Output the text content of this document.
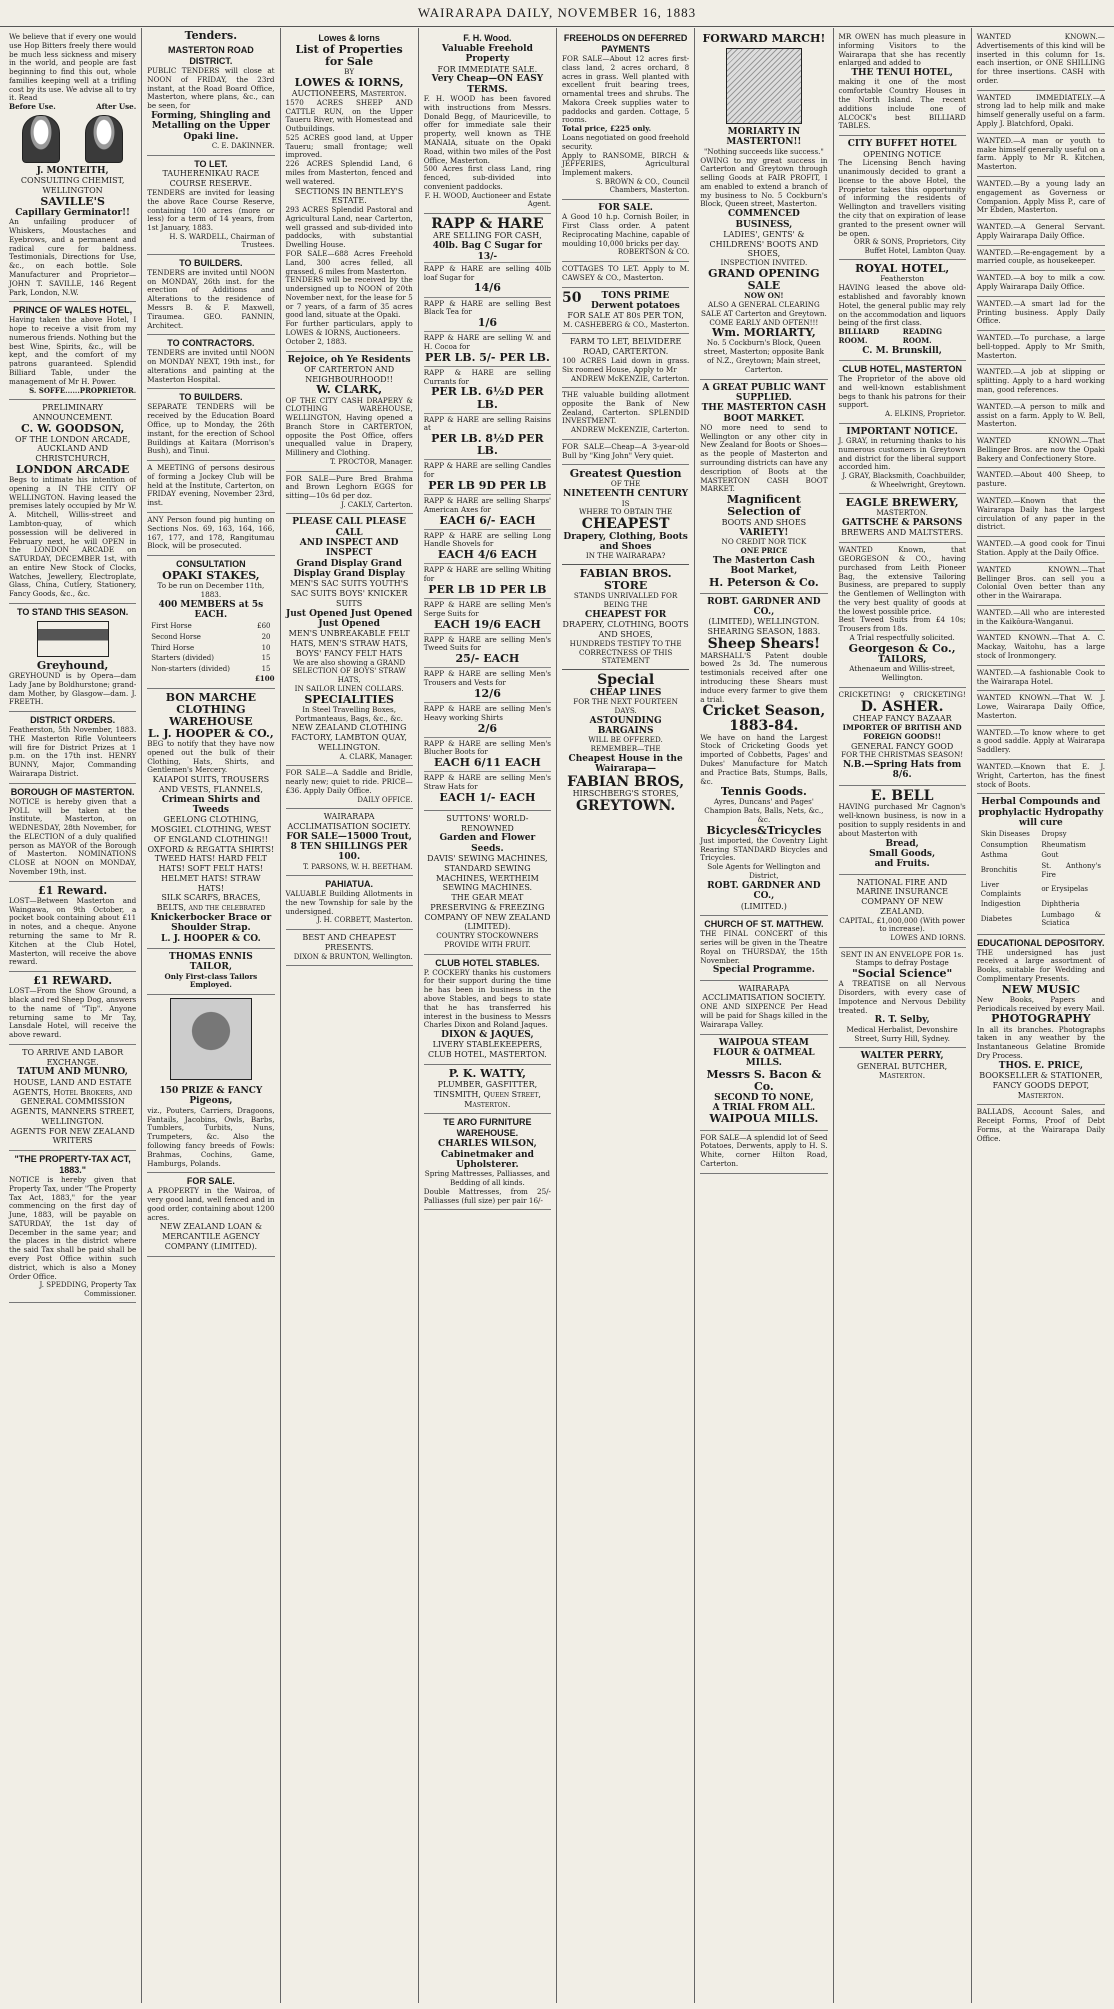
WAIRARAPA DAILY, NOVEMBER 16, 1883
We believe that if every one would use Hop Bitters freely there would be much less sickness and misery in the world, and people are fast beginning to find this out, whole families keeping well at a trifling cost by its use. We advise all to try it. Read
Before Use.	After Use.
J. MONTEITH,
CONSULTING CHEMIST, WELLINGTON
SAVILLE'S
Capillary Germinator!!
An unfailing producer of Whiskers, Moustaches and Eyebrows, and a permanent and radical cure for baldness. Testimonials, Directions for Use, &c., on each bottle. Sole Manufacturer and Proprietor— JOHN T. SAVILLE, 146 Regent Park, London, N.W.
PRINCE OF WALES HOTEL,
Having taken the above Hotel, I hope to receive a visit from my numerous friends. Nothing but the best Wine, Spirits, &c., will be kept, and the comfort of my patrons guaranteed. Splendid Billiard Table, under the management of Mr H. Power.
S. SOFFE......PROPRIETOR.
PRELIMINARY ANNOUNCEMENT.
C. W. GOODSON,
OF THE LONDON ARCADE, AUCKLAND AND CHRISTCHURCH,
LONDON ARCADE
Begs to intimate his intention of opening a IN THE CITY OF WELLINGTON. Having leased the premises lately occupied by Mr W. A. Mitchell, Willis-street and Lambton-quay, of which possession will be delivered in February next, he will OPEN in the LONDON ARCADE on SATURDAY, DECEMBER 1st, with an entire New Stock of Clocks, Watches, Jewellery, Electroplate, Glass, China, Cutlery, Stationery, Fancy Goods, &c., &c.
TO STAND THIS SEASON.
Greyhound,
GREYHOUND is by Opera—dam Lady Jane by Boldhurstone; grand-dam Mother, by Glasgow—dam. J. FREETH.
DISTRICT ORDERS.
Featherston, 5th November, 1883. THE Masterton Rifle Volunteers will fire for District Prizes at 1 p.m. on the 17th inst. HENRY BUNNY, Major, Commanding Wairarapa District.
BOROUGH OF MASTERTON.
NOTICE is hereby given that a POLL will be taken at the Institute, Masterton, on WEDNESDAY, 28th November, for the ELECTION of a duly qualified person as MAYOR of the Borough of Masterton. NOMINATIONS CLOSE at NOON on MONDAY, November 19th, inst.
£1 Reward.
LOST—Between Masterton and Waingawa, on 9th October, a pocket book containing about £11 in notes, and a cheque. Anyone returning the same to Mr R. Kitchen at the Club Hotel, Masterton, will receive the above reward.
£1 REWARD.
LOST—From the Show Ground, a black and red Sheep Dog, answers to the name of "Tip". Anyone returning same to Mr Tay, Lansdale Hotel, will receive the above reward.
TO ARRIVE AND LABOR EXCHANGE.
TATUM AND MUNRO,
HOUSE, LAND AND ESTATE AGENTS, Hotel Brokers, and GENERAL COMMISSION AGENTS, MANNERS STREET, WELLINGTON.
AGENTS FOR NEW ZEALAND WRITERS
"THE PROPERTY-TAX ACT, 1883."
NOTICE is hereby given that Property Tax, under "The Property Tax Act, 1883," for the year commencing on the first day of June, 1883, will be payable on SATURDAY, the 1st day of December in the same year; and the places in the district where the said Tax shall be paid shall be every Post Office within such district, which is also a Money Order Office.
J. SPEDDING, Property Tax Commissioner.
Tenders.
MASTERTON ROAD DISTRICT.
PUBLIC TENDERS will close at NOON of FRIDAY, the 23rd instant, at the Road Board Office, Masterton, where plans, &c., can be seen, for
Forming, Shingling and Metalling on the Upper Opaki line.
C. E. DAKINNER.
TO LET.
TAUHERENIKAU RACE COURSE RESERVE.
TENDERS are invited for leasing the above Race Course Reserve, containing 100 acres (more or less) for a term of 14 years, from 1st January, 1883.
H. S. WARDELL, Chairman of Trustees.
TO BUILDERS.
TENDERS are invited until NOON on MONDAY, 26th inst. for the erection of Additions and Alterations to the residence of Messrs B. & F. Maxwell, Tiraumea. GEO. FANNIN, Architect.
TO CONTRACTORS.
TENDERS are invited until NOON on MONDAY NEXT, 19th inst., for alterations and painting at the Masterton Hospital.
TO BUILDERS.
SEPARATE TENDERS will be received by the Education Board Office, up to Monday, the 26th instant, for the erection of School Buildings at Kaitara (Morrison's Bush), and Tinui.
A MEETING of persons desirous of forming a Jockey Club will be held at the Institute, Carterton, on FRIDAY evening, November 23rd, inst.
ANY Person found pig hunting on Sections Nos. 69, 163, 164, 166, 167, 177, and 178, Rangitumau Block, will be prosecuted.
CONSULTATION
OPAKI STAKES,
To be run on December 11th, 1883.
400 MEMBERS at 5s EACH.
First Horse	£60
Second Horse	20
Third Horse	10
Starters (divided)	15
Non-starters (divided)	15
£100
BON MARCHE CLOTHING WAREHOUSE
L. J. HOOPER & CO.,
BEG to notify that they have now opened out the bulk of their Clothing, Hats, Shirts, and Gentlemen's Mercery.
KAIAPOI SUITS, TROUSERS AND VESTS, FLANNELS,
Crimean Shirts and Tweeds
GEELONG CLOTHING, MOSGIEL CLOTHING, WEST OF ENGLAND CLOTHING!!
OXFORD & REGATTA SHIRTS!
TWEED HATS! HARD FELT HATS! SOFT FELT HATS! HELMET HATS! STRAW HATS!
SILK SCARFS, BRACES, BELTS, and the celebrated
Knickerbocker Brace or Shoulder Strap.
L. J. HOOPER & CO.
THOMAS ENNIS
TAILOR,
Only First-class Tailors Employed.
150 PRIZE & FANCY Pigeons,
viz., Pouters, Carriers, Dragoons, Fantails, Jacobins, Owls, Barbs, Tumblers, Turbits, Nuns, Trumpeters, &c. Also the following fancy breeds of Fowls: Brahmas, Cochins, Game, Hamburgs, Polands.
FOR SALE.
A PROPERTY in the Wairoa, of very good land, well fenced and in good order, containing about 1200 acres.
NEW ZEALAND LOAN & MERCANTILE AGENCY COMPANY (LIMITED).
Lowes & Iorns
List of Properties for Sale
BY
LOWES & IORNS,
AUCTIONEERS, Masterton.
1570 ACRES SHEEP AND CATTLE RUN, on the Upper Taueru River, with Homestead and Outbuildings.
525 ACRES good land, at Upper Taueru; small frontage; well improved.
226 ACRES Splendid Land, 6 miles from Masterton, fenced and well watered.
SECTIONS IN BENTLEY'S ESTATE.
293 ACRES Splendid Pastoral and Agricultural Land, near Carterton, well grassed and sub-divided into paddocks, with substantial Dwelling House.
FOR SALE—688 Acres Freehold Land, 300 acres felled, all grassed, 6 miles from Masterton.
TENDERS will be received by the undersigned up to NOON of 20th November next, for the lease for 5 or 7 years, of a farm of 35 acres good land, situate at the Opaki.
For further particulars, apply to LOWES & IORNS, Auctioneers.
October 2, 1883.
Rejoice, oh Ye Residents
OF CARTERTON AND NEIGHBOURHOOD!!
W. CLARK,
OF THE CITY CASH DRAPERY & CLOTHING WAREHOUSE, WELLINGTON, Having opened a Branch Store in CARTERTON, opposite the Post Office, offers unequalled value in Drapery, Millinery and Clothing.
T. PROCTOR, Manager.
FOR SALE—Pure Bred Brahma and Brown Leghorn EGGS for sitting—10s 6d per doz.
J. CAKLY, Carterton.
PLEASE CALL PLEASE CALL
AND INSPECT AND INSPECT
Grand Display Grand Display Grand Display
MEN'S SAC SUITS YOUTH'S SAC SUITS BOYS' KNICKER SUITS
Just Opened Just Opened Just Opened
MEN'S UNBREAKABLE FELT HATS, MEN'S STRAW HATS, BOYS' FANCY FELT HATS
We are also showing a GRAND SELECTION OF BOYS' STRAW HATS,
IN SAILOR LINEN COLLARS.
SPECIALITIES
In Steel Travelling Boxes, Portmanteaus, Bags, &c., &c.
NEW ZEALAND CLOTHING FACTORY, LAMBTON QUAY, WELLINGTON.
A. CLARK, Manager.
FOR SALE—A Saddle and Bridle, nearly new; quiet to ride. PRICE—£36. Apply Daily Office.
DAILY OFFICE.
WAIRARAPA ACCLIMATISATION SOCIETY.
FOR SALE—15000 Trout, 8 TEN SHILLINGS PER 100.
T. PARSONS, W. H. BEETHAM.
PAHIATUA.
VALUABLE Building Allotments in the new Township for sale by the undersigned.
J. H. CORBETT, Masterton.
BEST AND CHEAPEST PRESENTS.
DIXON & BRUNTON, Wellington.
F. H. Wood.
Valuable Freehold Property
FOR IMMEDIATE SALE.
Very Cheap—ON EASY TERMS.
F. H. WOOD has been favored with instructions from Messrs. Donald Begg, of Mauriceville, to offer for immediate sale their property, well known as THE MANAIA, situate on the Opaki Road, within two miles of the Post Office, Masterton.
500 Acres first class Land, ring fenced, sub-divided into convenient paddocks.
F. H. WOOD, Auctioneer and Estate Agent.
RAPP & HARE
ARE SELLING FOR CASH,
40lb. Bag C Sugar for 13/-
RAPP & HARE are selling 40lb loaf Sugar for
14/6
RAPP & HARE are selling Best Black Tea for
1/6
RAPP & HARE are selling W. and H. Cocoa for
PER LB. 5/- PER LB.
RAPP & HARE are selling Currants for
PER LB. 6½D PER LB.
RAPP & HARE are selling Raisins at
PER LB. 8½D PER LB.
RAPP & HARE are selling Candles for
PER LB 9D PER LB
RAPP & HARE are selling Sharps' American Axes for
EACH 6/- EACH
RAPP & HARE are selling Long Handle Shovels for
EACH 4/6 EACH
RAPP & HARE are selling Whiting for
PER LB 1D PER LB
RAPP & HARE are selling Men's Serge Suits for
EACH 19/6 EACH
RAPP & HARE are selling Men's Tweed Suits for
25/- EACH
RAPP & HARE are selling Men's Trousers and Vests for
12/6
RAPP & HARE are selling Men's Heavy working Shirts
2/6
RAPP & HARE are selling Men's Blucher Boots for
EACH 6/11 EACH
RAPP & HARE are selling Men's Straw Hats for
EACH 1/- EACH
SUTTONS' WORLD-RENOWNED
Garden and Flower Seeds.
DAVIS' SEWING MACHINES, STANDARD SEWING MACHINES, WERTHEIM SEWING MACHINES.
THE GEAR MEAT PRESERVING & FREEZING COMPANY OF NEW ZEALAND (LIMITED).
COUNTRY STOCKOWNERS PROVIDE WITH FRUIT.
CLUB HOTEL STABLES.
P. COCKERY thanks his customers for their support during the time he has been in business in the above Stables, and begs to state that he has transferred his interest in the business to Messrs Charles Dixon and Roland Jaques.
DIXON & JAQUES,
LIVERY STABLEKEEPERS, CLUB HOTEL, MASTERTON.
P. K. WATTY,
PLUMBER, GASFITTER, TINSMITH, Queen Street, Masterton.
TE ARO FURNITURE WAREHOUSE.
CHARLES WILSON, Cabinetmaker and Upholsterer.
Spring Mattresses, Palliasses, and Bedding of all kinds.
Double Mattresses, from 25/- Palliasses (full size) per pair 16/-
FREEHOLDS ON DEFERRED PAYMENTS
FOR SALE—About 12 acres first-class land, 2 acres orchard, 8 acres in grass. Well planted with excellent fruit bearing trees, ornamental trees and shrubs. The Makora Creek supplies water to paddocks and garden. Cottage, 5 rooms.
Total price, £225 only.
Loans negotiated on good freehold security.
Apply to RANSOME, BIRCH & JEFFERIES, Agricultural Implement makers.
S. BROWN & CO., Council Chambers, Masterton.
FOR SALE.
A Good 10 h.p. Cornish Boiler, in First Class order. A patent Reciprocating Machine, capable of moulding 10,000 bricks per day.
ROBERTSON & CO.
COTTAGES TO LET. Apply to M. CAWSEY & CO., Masterton.
50	TONS PRIME Derwent potatoes
FOR SALE AT 80s PER TON,
M. CASHEBERG & CO., Masterton.
FARM TO LET, BELVIDERE ROAD, CARTERTON.
100 ACRES Laid down in grass. Six roomed House, Apply to Mr
ANDREW McKENZIE, Carterton.
THE valuable building allotment opposite the Bank of New Zealand, Carterton. SPLENDID INVESTMENT.
ANDREW McKENZIE, Carterton.
FOR SALE—Cheap—A 3-year-old Bull by "King John" Very quiet.
Greatest Question
OF THE
NINETEENTH CENTURY
IS
WHERE TO OBTAIN THE
CHEAPEST
Drapery, Clothing, Boots and Shoes
IN THE WAIRARAPA?
FABIAN BROS. STORE
STANDS UNRIVALLED FOR BEING THE
CHEAPEST FOR
DRAPERY, CLOTHING, BOOTS AND SHOES,
HUNDREDS TESTIFY TO THE CORRECTNESS OF THIS STATEMENT
Special
CHEAP LINES
FOR THE NEXT FOURTEEN DAYS.
ASTOUNDING BARGAINS
WILL BE OFFERED.
REMEMBER—THE
Cheapest House in the Wairarapa—
FABIAN BROS,
HIRSCHBERG'S STORES,
GREYTOWN.
FORWARD MARCH!
MORIARTY IN MASTERTON!!
"Nothing succeeds like success."
OWING to my great success in Carterton and Greytown through selling Goods at FAIR PROFIT, I am enabled to extend a branch of my business to No. 5 Cockburn's Block, Queen street, Masterton.
COMMENCED BUSINESS,
LADIES', GENTS' & CHILDRENS' BOOTS AND SHOES,
INSPECTION INVITED.
GRAND OPENING SALE
NOW ON!
ALSO A GENERAL CLEARING SALE AT Carterton and Greytown.
COME EARLY AND OFTEN!!!
Wm. MORIARTY,
No. 5 Cockburn's Block, Queen street, Masterton; opposite Bank of N.Z., Greytown; Main street, Carterton.
A GREAT PUBLIC WANT SUPPLIED.
THE MASTERTON CASH BOOT MARKET.
NO more need to send to Wellington or any other city in New Zealand for Boots or Shoes—as the people of Masterton and surrounding districts can have any description of Boots at the MASTERTON CASH BOOT MARKET.
Magnificent Selection of
BOOTS AND SHOES
VARIETY!
NO CREDIT NOR TICK
ONE PRICE
The Masterton Cash Boot Market,
H. Peterson & Co.
ROBT. GARDNER AND CO.,
(LIMITED), WELLINGTON.
SHEARING SEASON, 1883.
Sheep Shears!
MARSHALL'S Patent double bowed 2s 3d. The numerous testimonials received after one introducing these Shears must induce every farmer to give them a trial.
Cricket Season,
1883-84.
We have on hand the Largest Stock of Cricketing Goods yet imported of Cobbetts, Pages' and Dukes' Manufacture for Match and Practice Bats, Stumps, Balls, &c.
Tennis Goods.
Ayres, Duncans' and Pages' Champion Bats, Balls, Nets, &c., &c.
Bicycles&Tricycles
Just imported, the Coventry Light Rearing STANDARD Bicycles and Tricycles.
Sole Agents for Wellington and District,
ROBT. GARDNER AND CO.,
(LIMITED.)
CHURCH OF ST. MATTHEW.
THE FINAL CONCERT of this series will be given in the Theatre Royal on THURSDAY, the 15th November.
Special Programme.
WAIRARAPA ACCLIMATISATION SOCIETY.
ONE AND SIXPENCE Per Head will be paid for Shags killed in the Wairarapa Valley.
WAIPOUA STEAM FLOUR & OATMEAL MILLS.
Messrs S. Bacon & Co.
SECOND TO NONE,
A TRIAL FROM ALL.
WAIPOUA MILLS.
FOR SALE—A splendid lot of Seed Potatoes, Derwents, apply to H. S. White, corner Hilton Road, Carterton.
MR OWEN has much pleasure in informing Visitors to the Wairarapa that she has recently enlarged and added to
THE TENUI HOTEL,
making it one of the most comfortable Country Houses in the North Island. The recent additions include one of ALCOCK's best BILLIARD TABLES.
CITY BUFFET HOTEL
OPENING NOTICE
The Licensing Bench having unanimously decided to grant a license to the above Hotel, the Proprietor takes this opportunity of informing the residents of Wellington and travellers visiting the city that on expiration of lease granted to the present owner will be open.
ORR & SONS, Proprietors, City Buffet Hotel, Lambton Quay.
ROYAL HOTEL,
Featherston
HAVING leased the above old-established and favorably known Hotel, the general public may rely on the accommodation and liquors being of the first class.
BILLIARD ROOM.
READING ROOM.
C. M. Brunskill,
CLUB HOTEL, MASTERTON
The Proprietor of the above old and well-known establishment begs to thank his patrons for their support.
A. ELKINS, Proprietor.
IMPORTANT NOTICE.
J. GRAY, in returning thanks to his numerous customers in Greytown and district for the liberal support accorded him.
J. GRAY, Blacksmith, Coachbuilder, & Wheelwright, Greytown.
EAGLE BREWERY,
MASTERTON.
GATTSCHE & PARSONS
BREWERS AND MALTSTERS.
WANTED Known, that GEORGESON & CO., having purchased from Leith Pioneer Bag, the extensive Tailoring Business, are prepared to supply the Gentlemen of Wellington with the very best quality of goods at the lowest possible price.
Best Tweed Suits from £4 10s; Trousers from 18s.
A Trial respectfully solicited.
Georgeson & Co.,
TAILORS,
Athenaeum and Willis-street, Wellington.
CRICKETING! ⚲ CRICKETING!
D. ASHER.
CHEAP FANCY BAZAAR
IMPORTER OF BRITISH AND FOREIGN GOODS!!
GENERAL FANCY GOOD
FOR THE CHRISTMAS SEASON!
N.B.—Spring Hats from 8/6.
E. BELL
HAVING purchased Mr Cagnon's well-known business, is now in a position to supply residents in and about Masterton with
Bread,
Small Goods,
and Fruits.
NATIONAL FIRE AND MARINE INSURANCE COMPANY OF NEW ZEALAND.
CAPITAL, £1,000,000 (With power to increase).
LOWES AND IORNS.
SENT IN AN ENVELOPE FOR 1s. Stamps to defray Postage
"Social Science"
A TREATISE on all Nervous Disorders, with every case of Impotence and Nervous Debility treated.
R. T. Selby,
Medical Herbalist, Devonshire Street, Surry Hill, Sydney.
WALTER PERRY,
GENERAL BUTCHER, Masterton.
WANTED KNOWN.—Advertisements of this kind will be inserted in this column for 1s. each insertion, or ONE SHILLING for three insertions. CASH with order.
WANTED IMMEDIATELY.—A strong lad to help milk and make himself generally useful on a farm. Apply J. Blatchford, Opaki.
WANTED.—A man or youth to make himself generally useful on a farm. Apply to Mr R. Kitchen, Masterton.
WANTED.—By a young lady an engagement as Governess or Companion. Apply Miss P., care of Mr Ebden, Masterton.
WANTED.—A General Servant. Apply Wairarapa Daily Office.
WANTED.—Re-engagement by a married couple, as housekeeper.
WANTED.—A boy to milk a cow. Apply Wairarapa Daily Office.
WANTED.—A smart lad for the Printing business. Apply Daily Office.
WANTED.—To purchase, a large bell-topped. Apply to Mr Smith, Masterton.
WANTED.—A job at slipping or splitting. Apply to a hard working man, good references.
WANTED.—A person to milk and assist on a farm. Apply to W. Bell, Masterton.
WANTED KNOWN.—That Bellinger Bros. are now the Opaki Bakery and Confectionery Store.
WANTED.—About 400 Sheep, to pasture.
WANTED.—Known that the Wairarapa Daily has the largest circulation of any paper in the district.
WANTED.—A good cook for Tinui Station. Apply at the Daily Office.
WANTED KNOWN.—That Bellinger Bros. can sell you a Colonial Oven better than any other in the Wairarapa.
WANTED.—All who are interested in the Kaikōura-Wanganui.
WANTED KNOWN.—That A. C. Mackay, Waitohu, has a large stock of Ironmongery.
WANTED.—A fashionable Cook to the Wairarapa Hotel.
WANTED KNOWN.—That W. J. Lowe, Wairarapa Daily Office, Masterton.
WANTED.—To know where to get a good saddle. Apply at Wairarapa Saddlery.
WANTED.—Known that E. J. Wright, Carterton, has the finest stock of Boots.
Herbal Compounds and prophylactic Hydropathy will cure
Skin Diseases	Dropsy
Consumption	Rheumatism
Asthma	Gout
Bronchitis	St. Anthony's Fire
Liver Complaints	or Erysipelas
Indigestion	Diphtheria
Diabetes	Lumbago & Sciatica
EDUCATIONAL DEPOSITORY.
THE undersigned has just received a large assortment of Books, suitable for Wedding and Complimentary Presents.
NEW MUSIC
New Books, Papers and Periodicals received by every Mail.
PHOTOGRAPHY
In all its branches. Photographs taken in any weather by the Instantaneous Gelatine Bromide Dry Process.
THOS. E. PRICE,
BOOKSELLER & STATIONER, FANCY GOODS DEPOT, Masterton.
BALLADS, Account Sales, and Receipt Forms, Proof of Debt Forms, at the Wairarapa Daily Office.
